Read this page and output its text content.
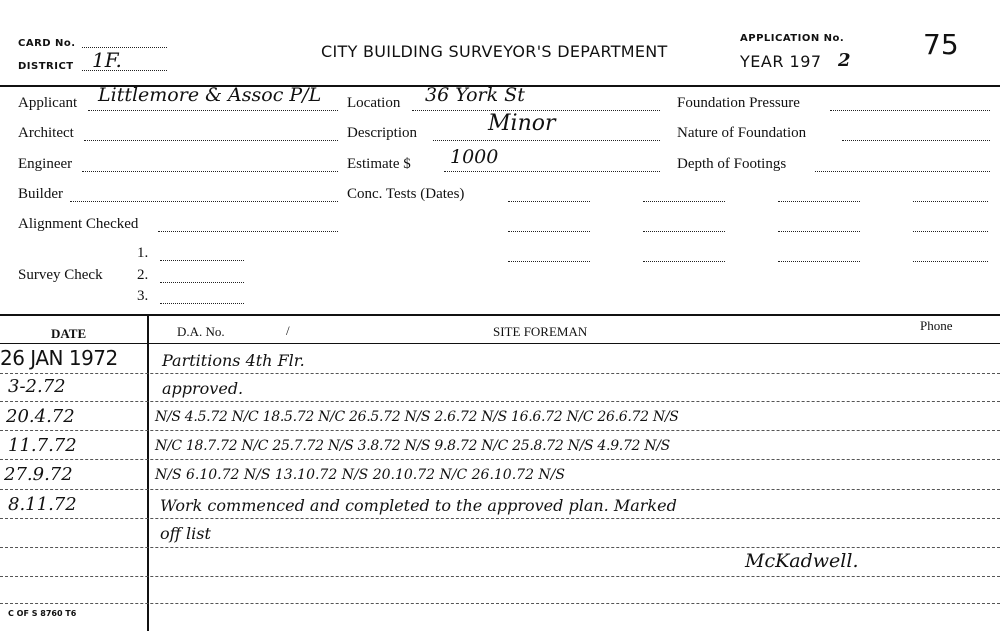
CARD No.
DISTRICT 1F.	CITY BUILDING SURVEYOR'S DEPARTMENT
APPLICATION No.	75
YEAR 197 2
Applicant Littlemore & Assoc P/L
Architect
Engineer
Builder
Alignment Checked
Survey Check
1.
2.
3.
Location 36 York St
Description	Minor
Estimate $ 1000
Conc. Tests (Dates)
Foundation Pressure
Nature of Foundation
Depth of Footings
DATE	D.A. No.	/	SITE FOREMAN	Phone
26 JAN 1972	Partitions 4th Flr.
3-2.72	approved.
20.4.72	N/S 4.5.72 N/C 18.5.72 N/C 26.5.72 N/S 2.6.72 N/S 16.6.72 N/C 26.6.72 N/S
11.7.72	N/C 18.7.72 N/C 25.7.72 N/S 3.8.72 N/S 9.8.72 N/C 25.8.72 N/S 4.9.72 N/S
27.9.72	N/S 6.10.72 N/S 13.10.72 N/S 20.10.72 N/C 26.10.72 N/S
8.11.72	Work commenced and completed to the approved plan. Marked
off list
McKadwell.
C OF S 8760 T6
